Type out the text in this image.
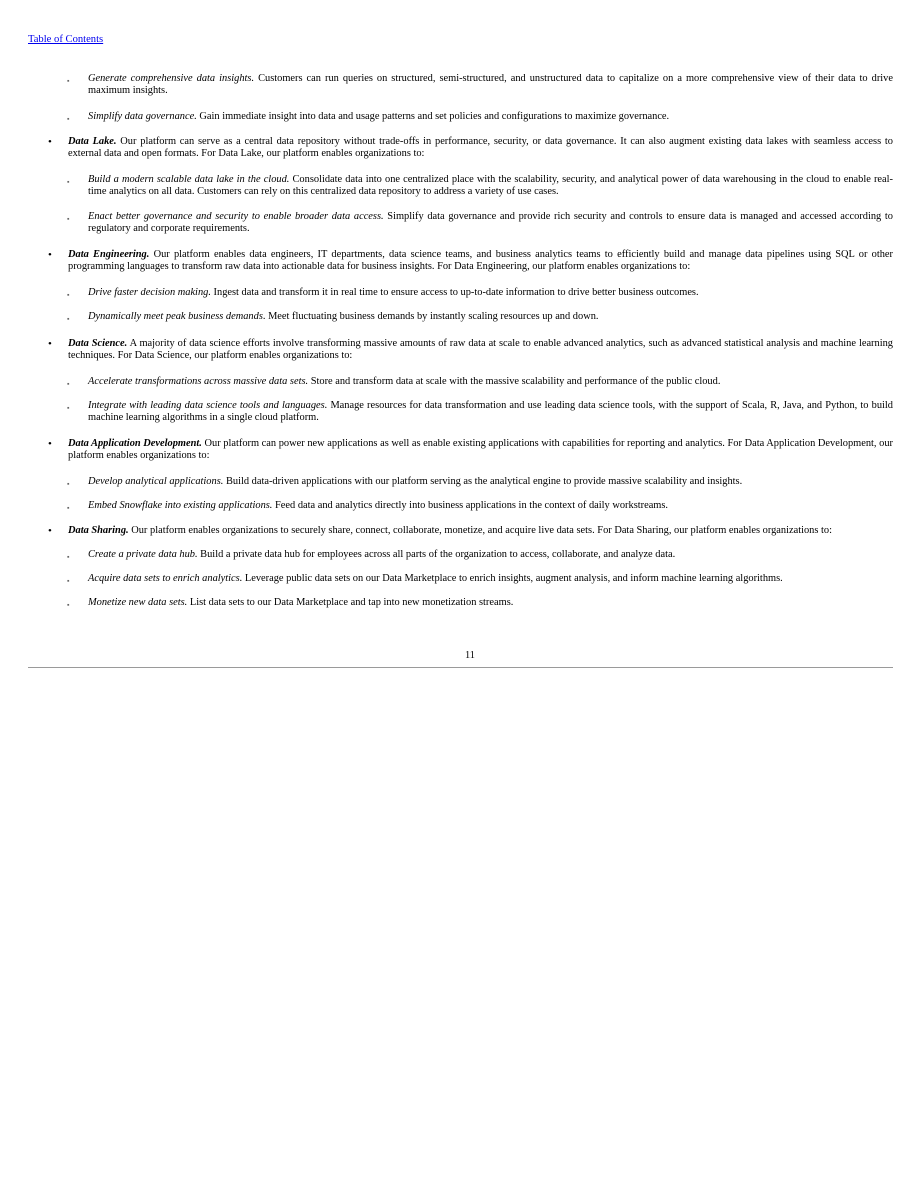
Table of Contents
▪ Generate comprehensive data insights. Customers can run queries on structured, semi-structured, and unstructured data to capitalize on a more comprehensive view of their data to drive maximum insights.
▪ Simplify data governance. Gain immediate insight into data and usage patterns and set policies and configurations to maximize governance.
• Data Lake. Our platform can serve as a central data repository without trade-offs in performance, security, or data governance. It can also augment existing data lakes with seamless access to external data and open formats. For Data Lake, our platform enables organizations to:
▪ Build a modern scalable data lake in the cloud. Consolidate data into one centralized place with the scalability, security, and analytical power of data warehousing in the cloud to enable real-time analytics on all data. Customers can rely on this centralized data repository to address a variety of use cases.
▪ Enact better governance and security to enable broader data access. Simplify data governance and provide rich security and controls to ensure data is managed and accessed according to regulatory and corporate requirements.
• Data Engineering. Our platform enables data engineers, IT departments, data science teams, and business analytics teams to efficiently build and manage data pipelines using SQL or other programming languages to transform raw data into actionable data for business insights. For Data Engineering, our platform enables organizations to:
▪ Drive faster decision making. Ingest data and transform it in real time to ensure access to up-to-date information to drive better business outcomes.
▪ Dynamically meet peak business demands. Meet fluctuating business demands by instantly scaling resources up and down.
• Data Science. A majority of data science efforts involve transforming massive amounts of raw data at scale to enable advanced analytics, such as advanced statistical analysis and machine learning techniques. For Data Science, our platform enables organizations to:
▪ Accelerate transformations across massive data sets. Store and transform data at scale with the massive scalability and performance of the public cloud.
▪ Integrate with leading data science tools and languages. Manage resources for data transformation and use leading data science tools, with the support of Scala, R, Java, and Python, to build machine learning algorithms in a single cloud platform.
• Data Application Development. Our platform can power new applications as well as enable existing applications with capabilities for reporting and analytics. For Data Application Development, our platform enables organizations to:
▪ Develop analytical applications. Build data-driven applications with our platform serving as the analytical engine to provide massive scalability and insights.
▪ Embed Snowflake into existing applications. Feed data and analytics directly into business applications in the context of daily workstreams.
• Data Sharing. Our platform enables organizations to securely share, connect, collaborate, monetize, and acquire live data sets. For Data Sharing, our platform enables organizations to:
▪ Create a private data hub. Build a private data hub for employees across all parts of the organization to access, collaborate, and analyze data.
▪ Acquire data sets to enrich analytics. Leverage public data sets on our Data Marketplace to enrich insights, augment analysis, and inform machine learning algorithms.
▪ Monetize new data sets. List data sets to our Data Marketplace and tap into new monetization streams.
11
